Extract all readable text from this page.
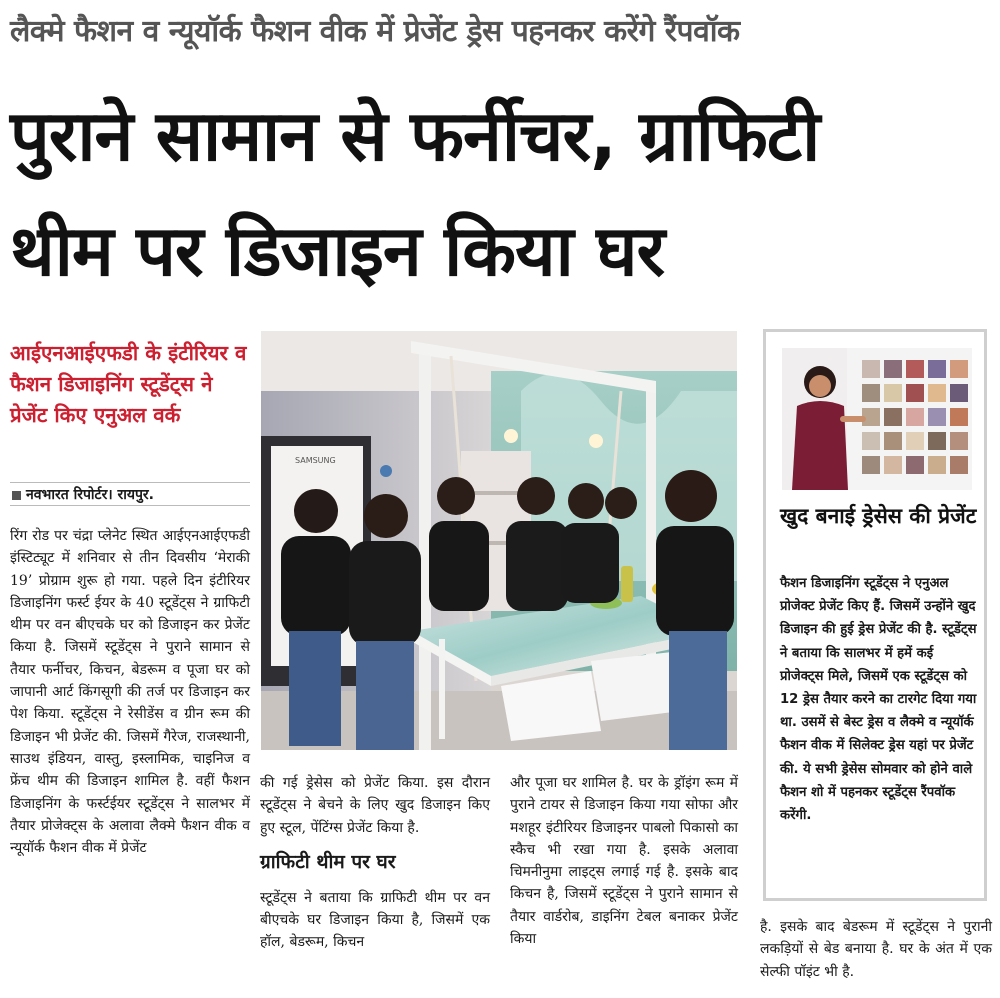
लैक्मे फैशन व न्यूयॉर्क फैशन वीक में प्रेजेंट ड्रेस पहनकर करेंगे रैंपवॉक
पुराने सामान से फर्नीचर, ग्राफिटी
थीम पर डिजाइन किया घर
आईएनआईएफडी के इंटीरियर व फैशन डिजाइनिंग स्टूडेंट्स ने प्रेजेंट किए एनुअल वर्क
नवभारत रिपोर्टर। रायपुर.

रिंग रोड पर चंद्रा प्लेनेट स्थित आईएनआईएफडी इंस्टिट्यूट में शनिवार से तीन दिवसीय ‘मेराकी 19’ प्रोग्राम शुरू हो गया. पहले दिन इंटीरियर डिजाइनिंग फर्स्ट ईयर के 40 स्टूडेंट्स ने ग्राफिटी थीम पर वन बीएचके घर को डिजाइन कर प्रेजेंट किया है. जिसमें स्टूडेंट्स ने पुराने सामान से तैयार फर्नीचर, किचन, बेडरूम व पूजा घर को जापानी आर्ट किंगसूगी की तर्ज पर डिजाइन कर पेश किया. स्टूडेंट्स ने रेसीडेंस व ग्रीन रूम की डिजाइन भी प्रेजेंट की. जिसमें गैरेज, राजस्थानी, साउथ इंडियन, वास्तु, इस्लामिक, चाइनिज व फ्रेंच थीम की डिजाइन शामिल है. वहीं फैशन डिजाइनिंग के फर्स्टईयर स्टूडेंट्स ने सालभर में तैयार प्रोजेक्ट्स के अलावा लैक्मे फैशन वीक व न्यूयॉर्क फैशन वीक में प्रेजेंट

की गई ड्रेसेस को प्रेजेंट किया. इस दौरान स्टूडेंट्स ने बेचने के लिए खुद डिजाइन किए हुए स्टूल, पेंटिंग्स प्रेजेंट किया है.

ग्राफिटी थीम पर घर

स्टूडेंट्स ने बताया कि ग्राफिटी थीम पर वन बीएचके घर डिजाइन किया है, जिसमें एक हॉल, बेडरूम, किचन

और पूजा घर शामिल है. घर के ड्रॉइंग रूम में पुराने टायर से डिजाइन किया गया सोफा और मशहूर इंटीरियर डिजाइनर पाबलो पिकासो का स्कैच भी रखा गया है. इसके अलावा चिमनीनुमा लाइट्स लगाई गई है. इसके बाद किचन है, जिसमें स्टूडेंट्स ने पुराने सामान से तैयार वार्डरोब, डाइनिंग टेबल बनाकर प्रेजेंट किया

है. इसके बाद बेडरूम में स्टूडेंट्स ने पुरानी लकड़ियों से बेड बनाया है. घर के अंत में एक सेल्फी पॉइंट भी है.

SAMSUNG
खुद बनाई ड्रेसेस की प्रेजेंट
फैशन डिजाइनिंग स्टूडेंट्स ने एनुअल प्रोजेक्ट प्रेजेंट किए हैं. जिसमें उन्होंने खुद डिजाइन की हुई ड्रेस प्रेजेंट की है. स्टूडेंट्स ने बताया कि सालभर में हमें कई प्रोजेक्ट्स मिले, जिसमें एक स्टूडेंट्स को 12 ड्रेस तैयार करने का टारगेट दिया गया था. उसमें से बेस्ट ड्रेस व लैक्मे व न्यूयॉर्क फैशन वीक में सिलेक्ट ड्रेस यहां पर प्रेजेंट की. ये सभी ड्रेसेस सोमवार को होने वाले फैशन शो में पहनकर स्टूडेंट्स रैंपवॉक करेंगी.
